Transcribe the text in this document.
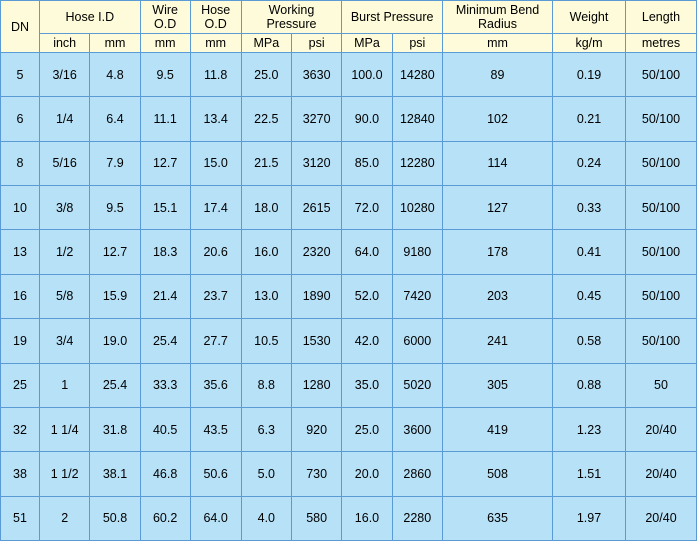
DN	Hose I.D		Wire O.D	Hose O.D	Working Pressure		Burst Pressure		Minimum Bend Radius	Weight	Length
	inch	mm	mm	mm	MPa	psi	MPa	psi	mm	kg/m	metres
5	3/16	4.8	9.5	11.8	25.0	3630	100.0	14280	89	0.19	50/100
6	1/4	6.4	11.1	13.4	22.5	3270	90.0	12840	102	0.21	50/100
8	5/16	7.9	12.7	15.0	21.5	3120	85.0	12280	114	0.24	50/100
10	3/8	9.5	15.1	17.4	18.0	2615	72.0	10280	127	0.33	50/100
13	1/2	12.7	18.3	20.6	16.0	2320	64.0	9180	178	0.41	50/100
16	5/8	15.9	21.4	23.7	13.0	1890	52.0	7420	203	0.45	50/100
19	3/4	19.0	25.4	27.7	10.5	1530	42.0	6000	241	0.58	50/100
25	1	25.4	33.3	35.6	8.8	1280	35.0	5020	305	0.88	50
32	1 1/4	31.8	40.5	43.5	6.3	920	25.0	3600	419	1.23	20/40
38	1 1/2	38.1	46.8	50.6	5.0	730	20.0	2860	508	1.51	20/40
51	2	50.8	60.2	64.0	4.0	580	16.0	2280	635	1.97	20/40
